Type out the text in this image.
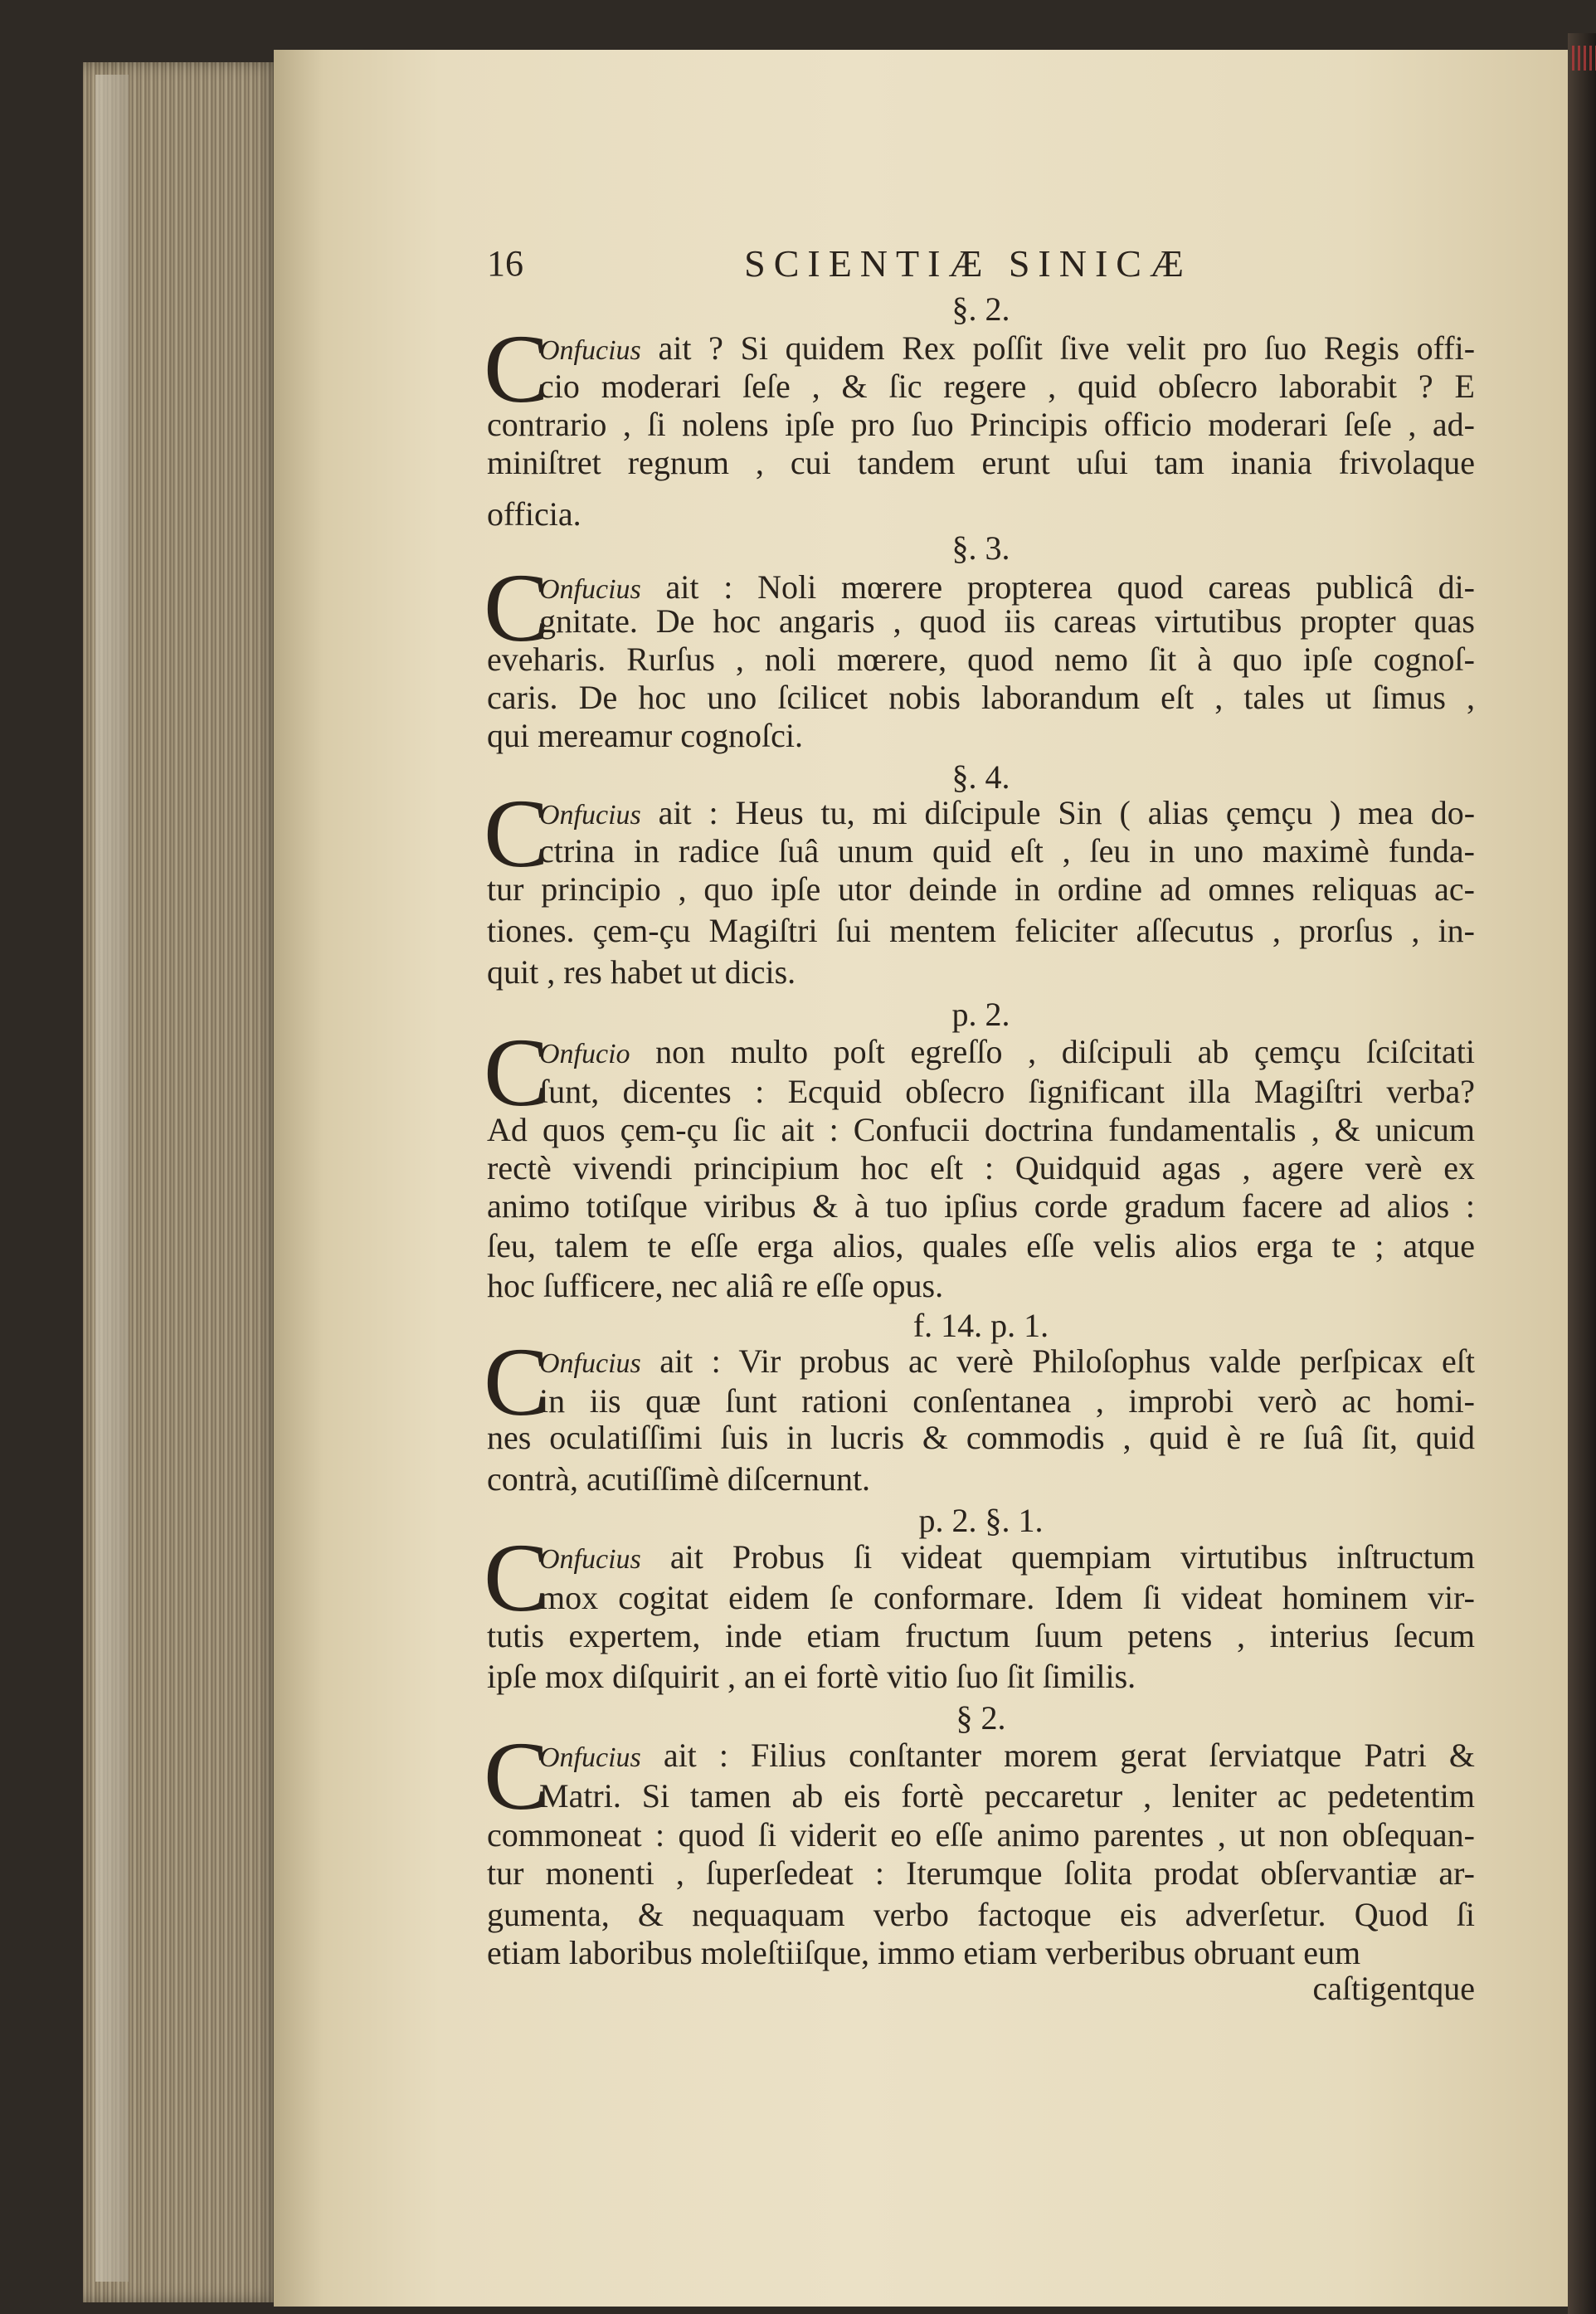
16	SCIENTIÆ SINICÆ
§. 2.
C
Onfucius ait ? Si quidem Rex poſſit ſive velit pro ſuo Regis offi-
cio moderari ſeſe , & ſic regere , quid obſecro laborabit ? E
contrario , ſi nolens ipſe pro ſuo Principis officio moderari ſeſe , ad-
miniſtret regnum , cui tandem erunt uſui tam inania frivolaque
officia.
§. 3.
C
Onfucius ait : Noli mœrere propterea quod careas publicâ di-
gnitate. De hoc angaris , quod iis careas virtutibus propter quas
eveharis. Rurſus , noli mœrere, quod nemo ſit à quo ipſe cognoſ-
caris. De hoc uno ſcilicet nobis laborandum eſt , tales ut ſimus ,
qui mereamur cognoſci.
§. 4.
C
Onfucius ait : Heus tu, mi diſcipule Sin ( alias çemçu ) mea do-
ctrina in radice ſuâ unum quid eſt , ſeu in uno maximè funda-
tur principio , quo ipſe utor deinde in ordine ad omnes reliquas ac-
tiones. çem-çu Magiſtri ſui mentem feliciter aſſecutus , prorſus , in-
quit , res habet ut dicis.
p. 2.
C
Onfucio non multo poſt egreſſo , diſcipuli ab çemçu ſciſcitati
ſunt, dicentes : Ecquid obſecro ſignificant illa Magiſtri verba?
Ad quos çem-çu ſic ait : Confucii doctrina fundamentalis , & unicum
rectè vivendi principium hoc eſt : Quidquid agas , agere verè ex
animo totiſque viribus & à tuo ipſius corde gradum facere ad alios :
ſeu, talem te eſſe erga alios, quales eſſe velis alios erga te ; atque
hoc ſufficere, nec aliâ re eſſe opus.
f. 14. p. 1.
C
Onfucius ait : Vir probus ac verè Philoſophus valde perſpicax eſt
in iis quæ ſunt rationi conſentanea , improbi verò ac homi-
nes oculatiſſimi ſuis in lucris & commodis , quid è re ſuâ ſit, quid
contrà, acutiſſimè diſcernunt.
p. 2. §. 1.
C
Onfucius ait Probus ſi videat quempiam virtutibus inſtructum
mox cogitat eidem ſe conformare. Idem ſi videat hominem vir-
tutis expertem, inde etiam fructum ſuum petens , interius ſecum
ipſe mox diſquirit , an ei fortè vitio ſuo ſit ſimilis.
§ 2.
C
Onfucius ait : Filius conſtanter morem gerat ſerviatque Patri &
Matri. Si tamen ab eis fortè peccaretur , leniter ac pedetentim
commoneat : quod ſi viderit eo eſſe animo parentes , ut non obſequan-
tur monenti , ſuperſedeat : Iterumque ſolita prodat obſervantiæ ar-
gumenta, & nequaquam verbo factoque eis adverſetur. Quod ſi
etiam laboribus moleſtiiſque, immo etiam verberibus obruant eum
caſtigentque
